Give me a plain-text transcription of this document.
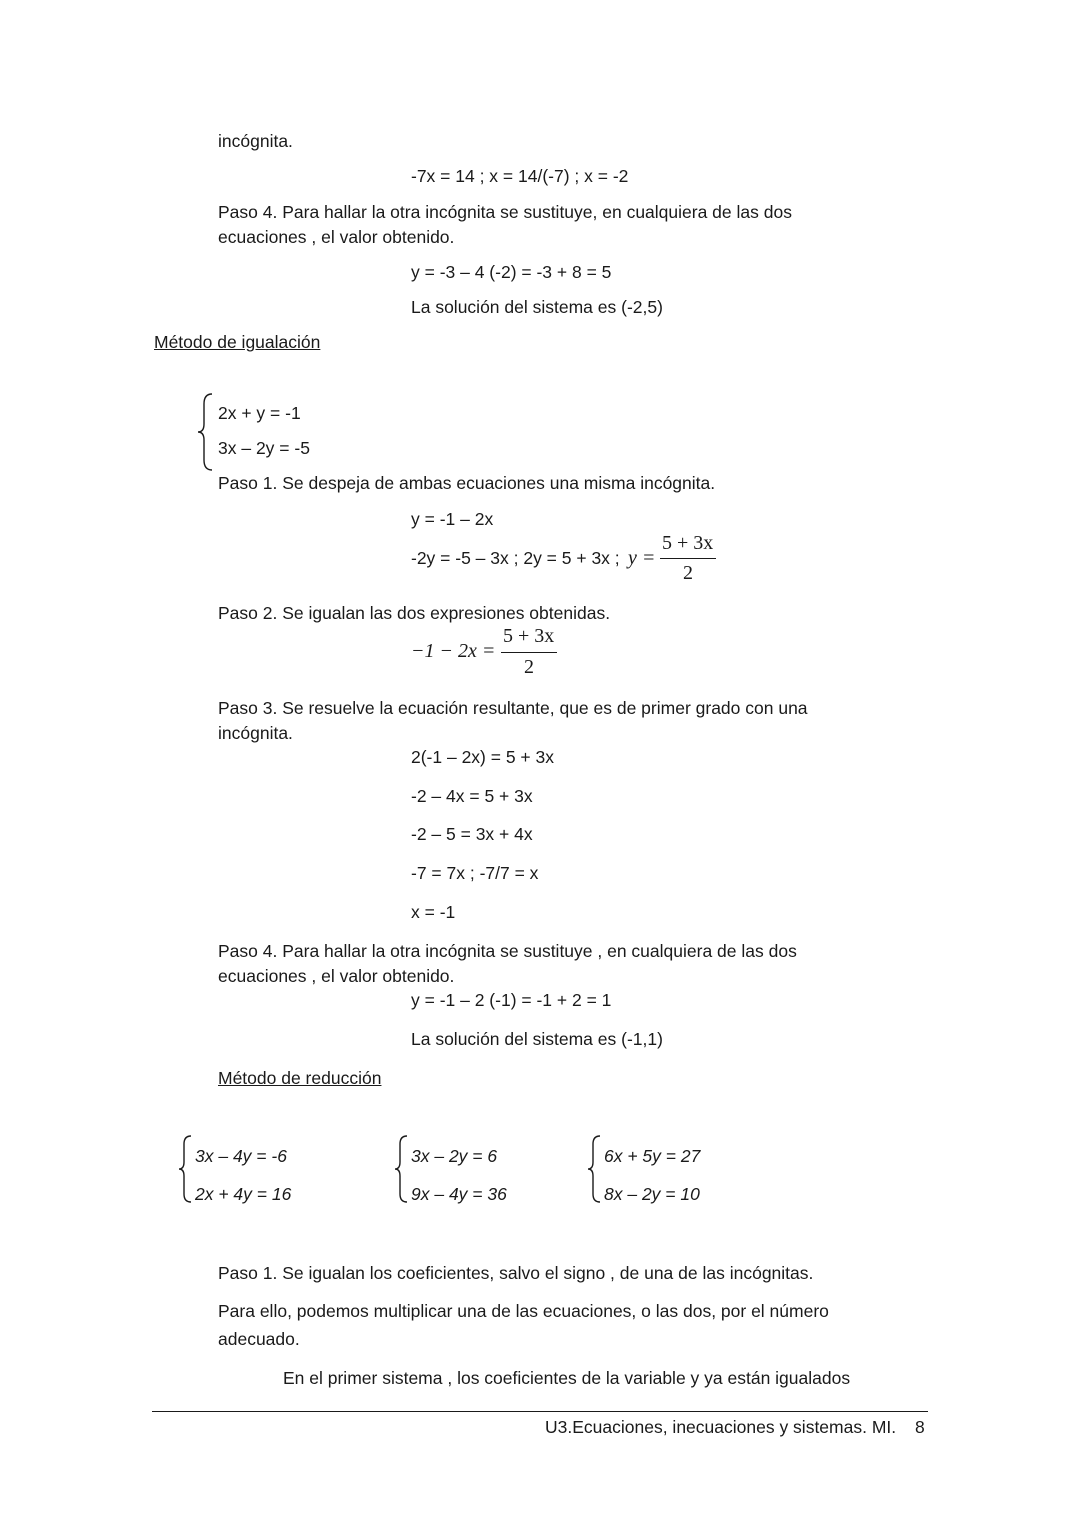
incógnita.
-7x = 14 ; x = 14/(-7) ; x = -2
Paso 4. Para hallar la otra incógnita se sustituye, en cualquiera de las dos
ecuaciones , el valor obtenido.
y = -3 – 4 (-2) = -3 + 8 = 5
La solución del sistema es (-2,5)
Método de igualación
2x + y = -1
3x – 2y = -5
Paso 1. Se despeja de ambas ecuaciones una misma incógnita.
y = -1 – 2x
-2y = -5 – 3x ; 2y = 5 + 3x ; y =
5 + 3x
2
Paso 2. Se igualan las dos expresiones obtenidas.
−1 − 2x =
5 + 3x
2
Paso 3. Se resuelve la ecuación resultante, que es de primer grado con una
incógnita.
2(-1 – 2x) = 5 + 3x
-2 – 4x = 5 + 3x
-2 – 5 = 3x + 4x
-7 = 7x ; -7/7 = x
x = -1
Paso 4. Para hallar la otra incógnita se sustituye , en cualquiera de las dos
ecuaciones , el valor obtenido.
y = -1 – 2 (-1) = -1 + 2 = 1
La solución del sistema es (-1,1)
Método de reducción
3x – 4y = -6
2x + 4y = 16
3x – 2y = 6
9x – 4y = 36
6x + 5y = 27
8x – 2y = 10
Paso 1. Se igualan los coeficientes, salvo el signo , de una de las incógnitas.
Para ello, podemos multiplicar una de las ecuaciones, o las dos, por el número
adecuado.
En el primer sistema , los coeficientes de la variable y ya están igualados
U3.Ecuaciones, inecuaciones y sistemas. MI. 8
